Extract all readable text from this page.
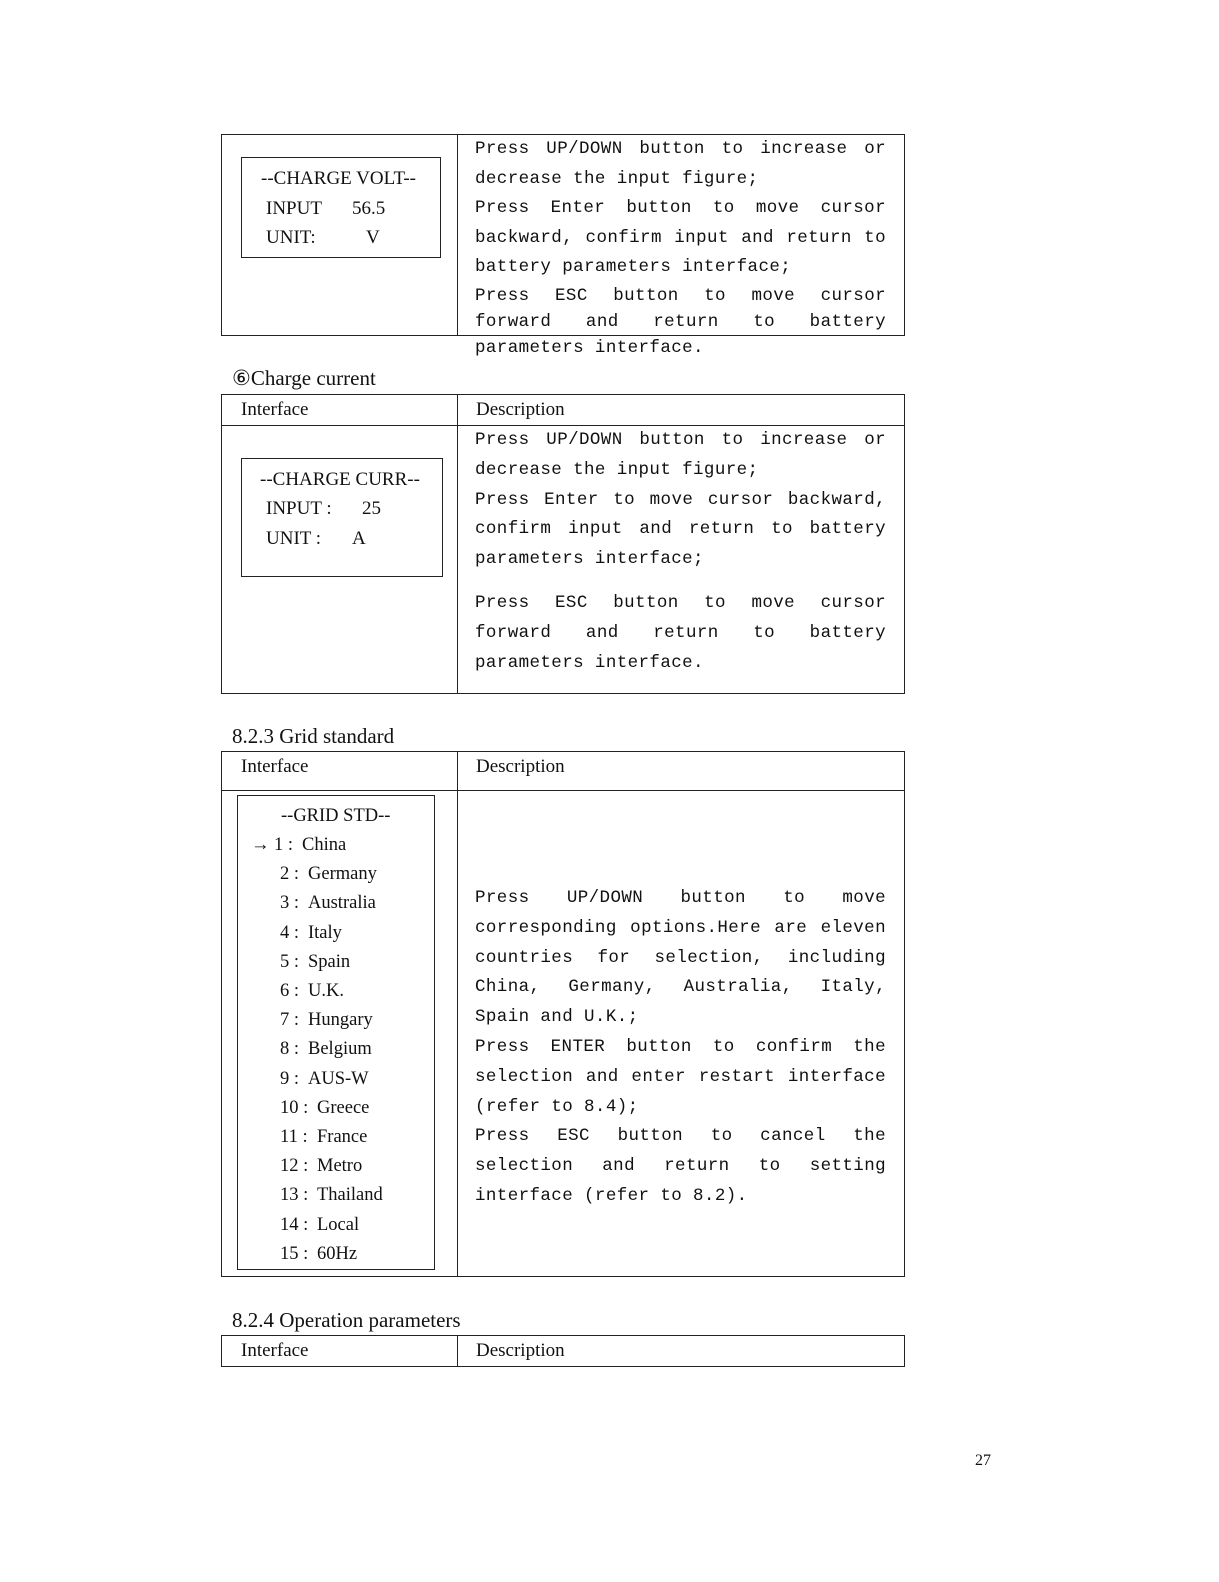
--CHARGE VOLT--
INPUT 56.5
UNIT:	V

Press UP/DOWN button to increase or decrease the input figure;

Press Enter button to move cursor backward, confirm input and return to battery parameters interface;

Press ESC button to move cursor forward and return to battery parameters interface.

⑥Charge current
Interface	Description
--CHARGE CURR--
INPUT : 25
UNIT : A

Press UP/DOWN button to increase or decrease the input figure;

Press Enter to move cursor backward, confirm input and return to battery parameters interface;

Press ESC button to move cursor forward and return to battery parameters interface.

8.2.3 Grid standard
Interface	Description
--GRID STD--
→ 1 : China
2 : Germany
3 : Australia
4 : Italy
5 : Spain
6 : U.K.
7 : Hungary
8 : Belgium
9 : AUS-W
10 : Greece
11 : France
12 : Metro
13 : Thailand
14 : Local
15 : 60Hz

Press UP/DOWN button to move corresponding options.Here are eleven countries for selection, including China, Germany, Australia, Italy, Spain and U.K.;

Press ENTER button to confirm the selection and enter restart interface (refer to 8.4);

Press ESC button to cancel the selection and return to setting interface (refer to 8.2).

8.2.4 Operation parameters
Interface	Description
27
